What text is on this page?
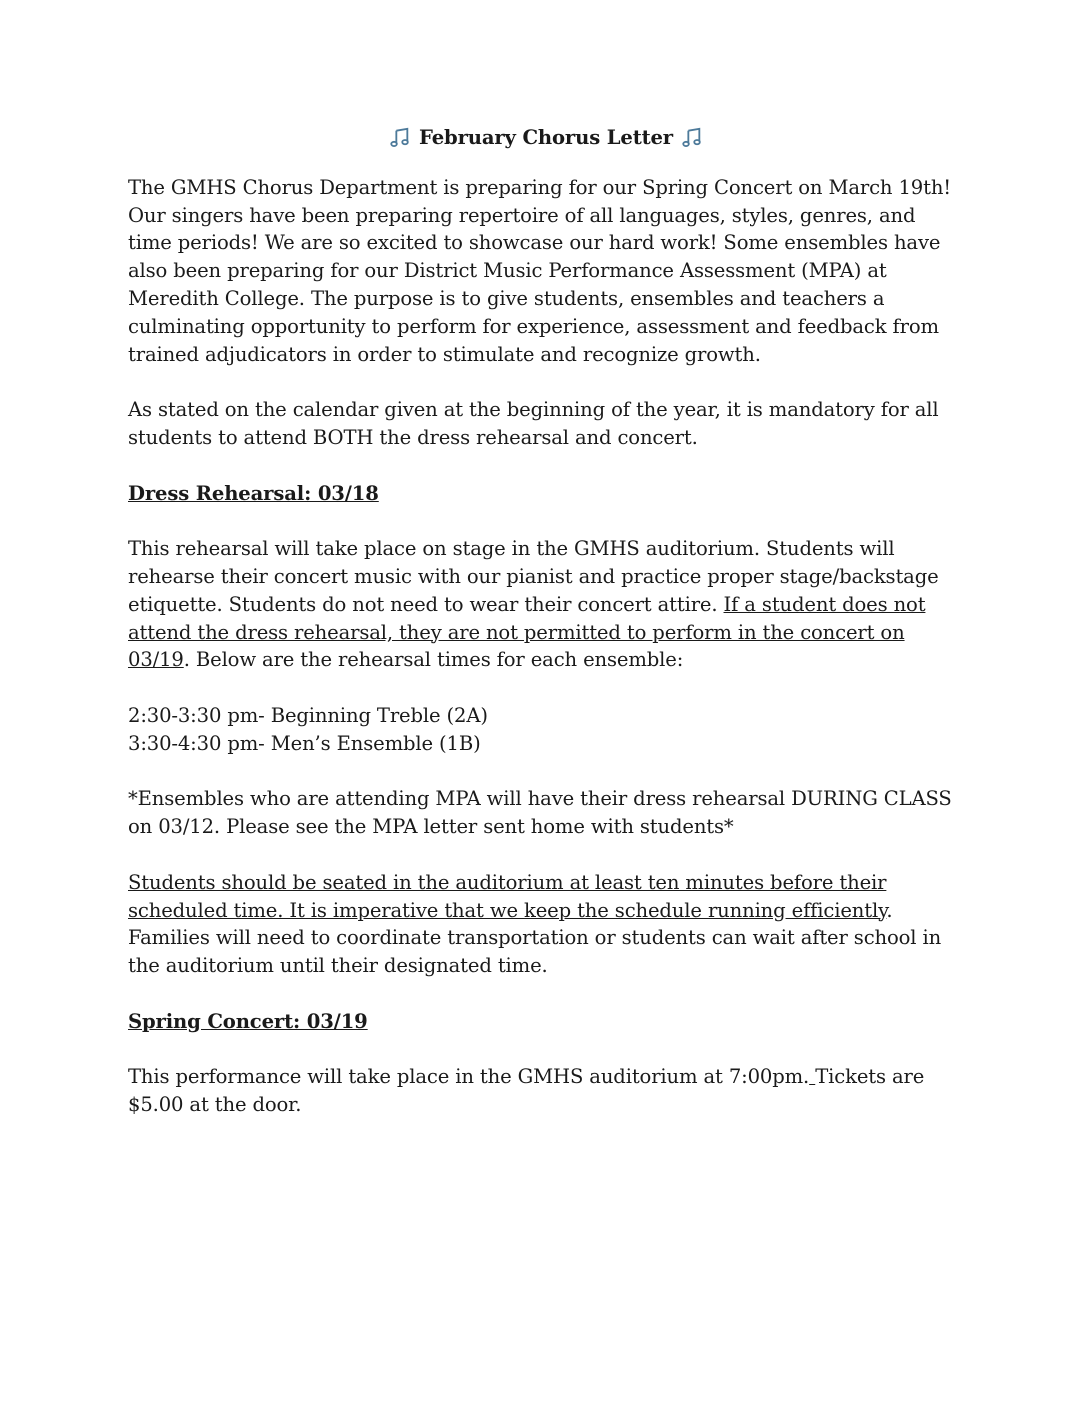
February Chorus Letter

The GMHS Chorus Department is preparing for our Spring Concert on March 19th! Our singers have been preparing repertoire of all languages, styles, genres, and time periods! We are so excited to showcase our hard work! Some ensembles have also been preparing for our District Music Performance Assessment (MPA) at Meredith College. The purpose is to give students, ensembles and teachers a culminating opportunity to perform for experience, assessment and feedback from trained adjudicators in order to stimulate and recognize growth.

As stated on the calendar given at the beginning of the year, it is mandatory for all students to attend BOTH the dress rehearsal and concert.

Dress Rehearsal: 03/18

This rehearsal will take place on stage in the GMHS auditorium. Students will rehearse their concert music with our pianist and practice proper stage/backstage etiquette. Students do not need to wear their concert attire. If a student does not attend the dress rehearsal, they are not permitted to perform in the concert on 03/19. Below are the rehearsal times for each ensemble:

2:30-3:30 pm- Beginning Treble (2A)
3:30-4:30 pm- Men’s Ensemble (1B)

*Ensembles who are attending MPA will have their dress rehearsal DURING CLASS on 03/12. Please see the MPA letter sent home with students*

Students should be seated in the auditorium at least ten minutes before their scheduled time. It is imperative that we keep the schedule running efficiently. Families will need to coordinate transportation or students can wait after school in the auditorium until their designated time.

Spring Concert: 03/19

This performance will take place in the GMHS auditorium at 7:00pm. Tickets are $5.00 at the door.
